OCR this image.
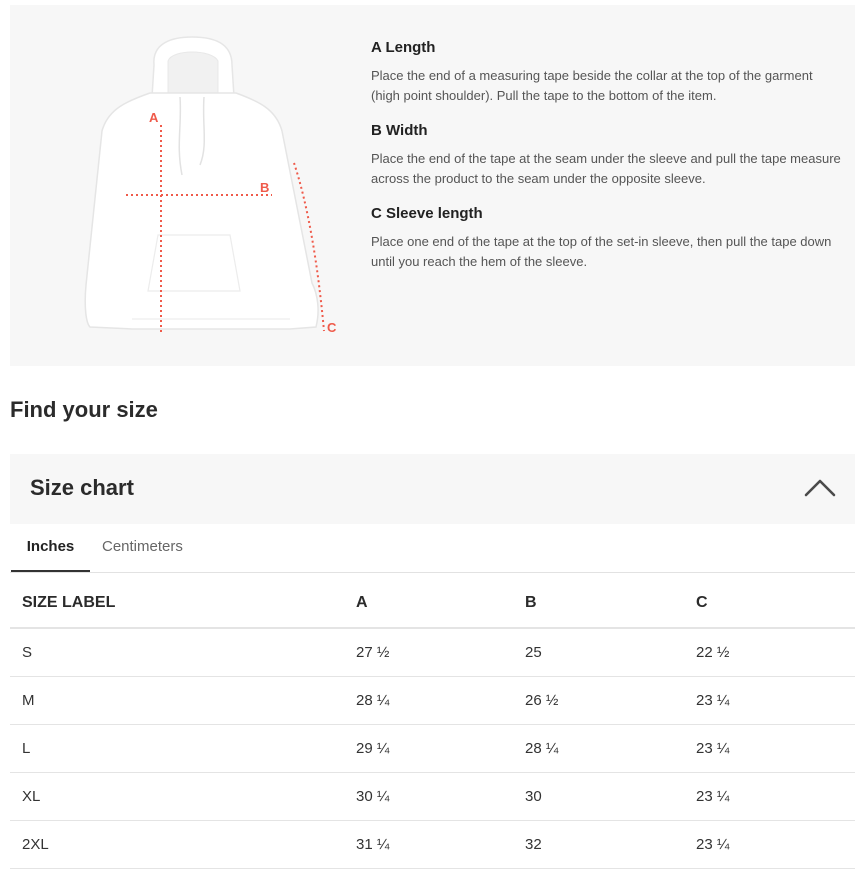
A
B
C

A Length

Place the end of a measuring tape beside the collar at the top of the garment (high point shoulder). Pull the tape to the bottom of the item.

B Width

Place the end of the tape at the seam under the sleeve and pull the tape measure across the product to the seam under the opposite sleeve.

C Sleeve length

Place one end of the tape at the top of the set-in sleeve, then pull the tape down until you reach the hem of the sleeve.

Find your size
Size chart
Inches	Centimeters
SIZE LABEL	A	B	C
S	27 ½	25	22 ½
M	28 ¼	26 ½	23 ¼
L	29 ¼	28 ¼	23 ¼
XL	30 ¼	30	23 ¼
2XL	31 ¼	32	23 ¼
